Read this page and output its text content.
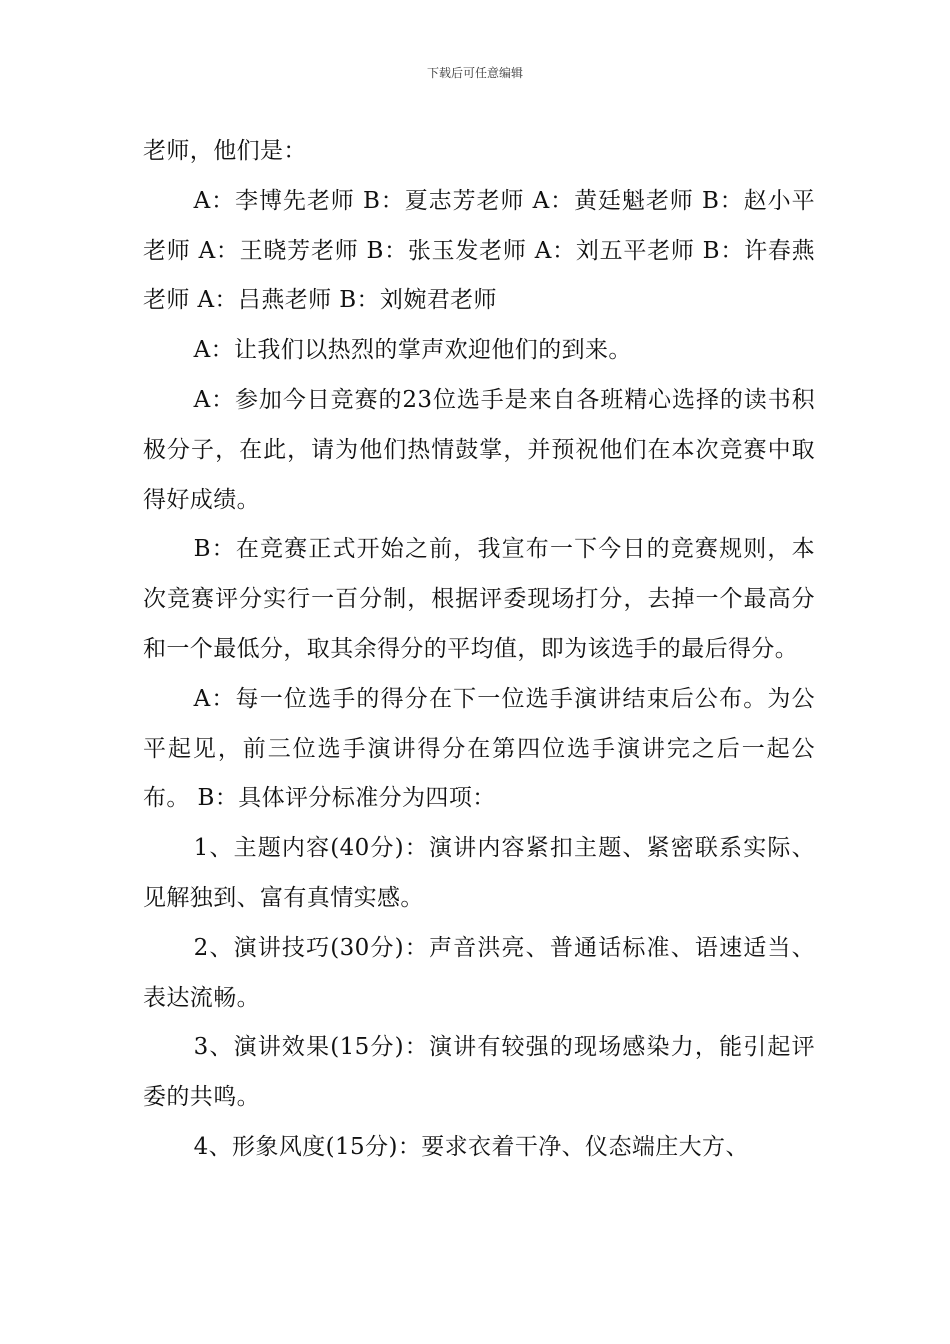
下载后可任意编辑

老师，他们是：

A：李博先老师 B：夏志芳老师 A：黄廷魁老师 B：赵小平老师 A：王晓芳老师 B：张玉发老师 A：刘五平老师 B：许春燕老师 A：吕燕老师 B：刘婉君老师

A：让我们以热烈的掌声欢迎他们的到来。

A：参加今日竞赛的23位选手是来自各班精心选择的读书积极分子，在此，请为他们热情鼓掌，并预祝他们在本次竞赛中取得好成绩。

B：在竞赛正式开始之前，我宣布一下今日的竞赛规则，本次竞赛评分实行一百分制，根据评委现场打分，去掉一个最高分和一个最低分，取其余得分的平均值，即为该选手的最后得分。

A：每一位选手的得分在下一位选手演讲结束后公布。为公平起见，前三位选手演讲得分在第四位选手演讲完之后一起公布。 B：具体评分标准分为四项：

1、主题内容(40分)：演讲内容紧扣主题、紧密联系实际、见解独到、富有真情实感。

2、演讲技巧(30分)：声音洪亮、普通话标准、语速适当、表达流畅。

3、演讲效果(15分)：演讲有较强的现场感染力，能引起评委的共鸣。

4、形象风度(15分)：要求衣着干净、仪态端庄大方、
